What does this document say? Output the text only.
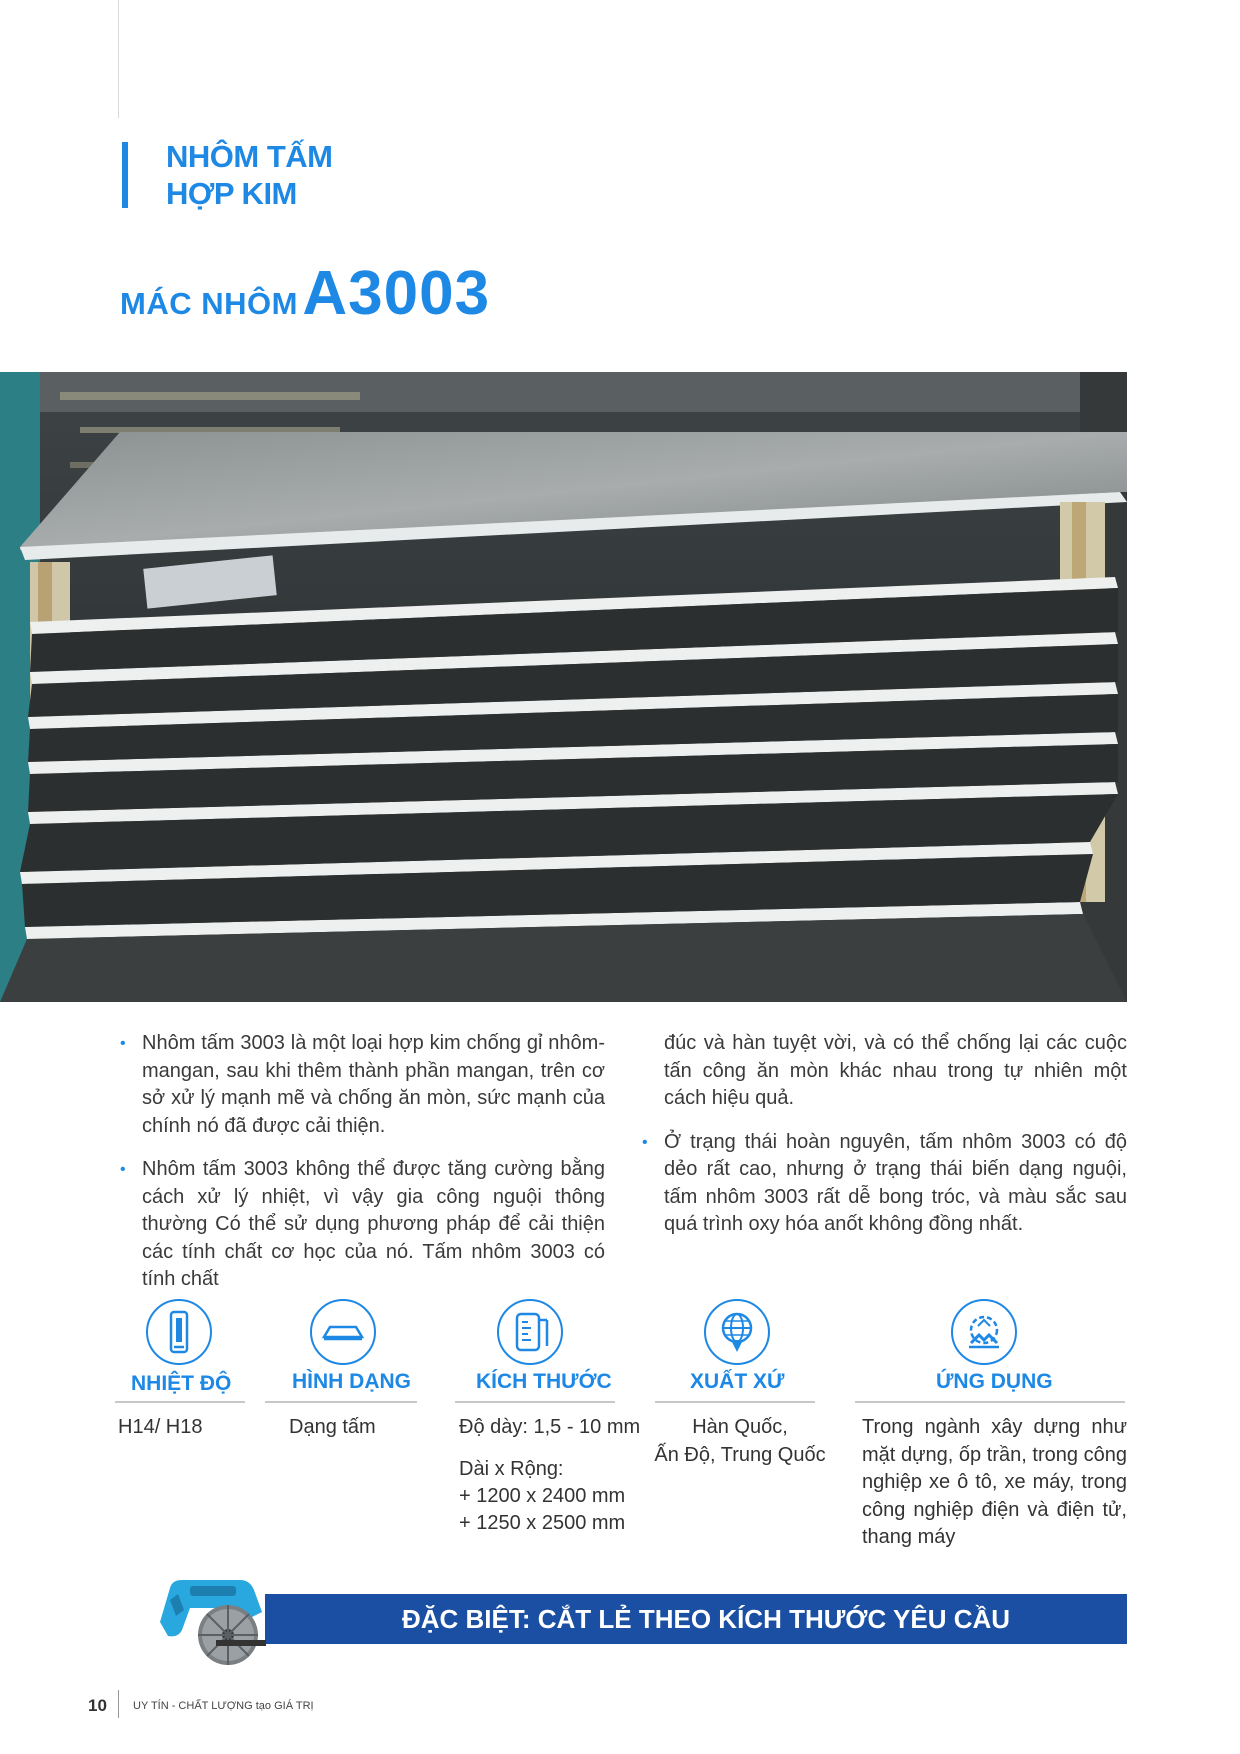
NHÔM TẤM
HỢP KIM
MÁC NHÔM A3003

• Nhôm tấm 3003 là một loại hợp kim chống gỉ nhôm-mangan, sau khi thêm thành phần mangan, trên cơ sở xử lý mạnh mẽ và chống ăn mòn, sức mạnh của chính nó đã được cải thiện.

• Nhôm tấm 3003 không thể được tăng cường bằng cách xử lý nhiệt, vì vậy gia công nguội thông thường Có thể sử dụng phương pháp để cải thiện các tính chất cơ học của nó. Tấm nhôm 3003 có tính chất

đúc và hàn tuyệt vời, và có thể chống lại các cuộc tấn công ăn mòn khác nhau trong tự nhiên một cách hiệu quả.

• Ở trạng thái hoàn nguyên, tấm nhôm 3003 có độ dẻo rất cao, nhưng ở trạng thái biến dạng nguội, tấm nhôm 3003 rất dễ bong tróc, và màu sắc sau quá trình oxy hóa anốt không đồng nhất.

NHIỆT ĐỘ
H14/ H18
HÌNH DẠNG
Dạng tấm
KÍCH THƯỚC
Độ dày: 1,5 - 10 mm
Dài x Rộng:
+ 1200 x 2400 mm
+ 1250 x 2500 mm
XUẤT XỨ
Hàn Quốc,
Ấn Độ, Trung Quốc
ỨNG DỤNG
Trong ngành xây dựng như mặt dựng, ốp trần, trong công nghiệp xe ô tô, xe máy, trong công nghiệp điện và điện tử, thang máy
ĐẶC BIỆT: CẮT LẺ THEO KÍCH THƯỚC YÊU CẦU
10 UY TÍN - CHẤT LƯỢNG tạo GIÁ TRỊ
